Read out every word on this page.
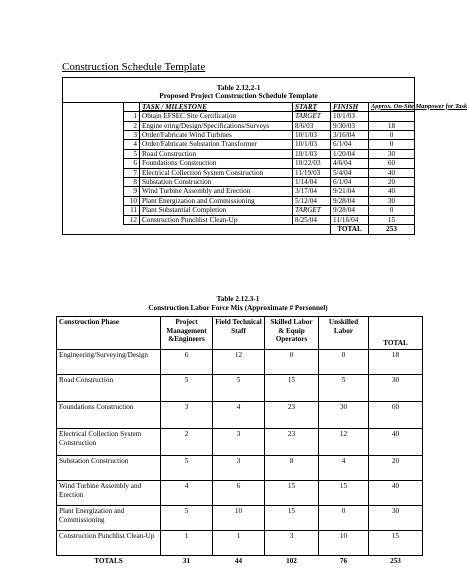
Construction Schedule Template
Table 2.12.2-1
Proposed Project Construction Schedule Template					

		TASK / MILESTONE	START	FINISH	Approx. On-Site Manpower for Task
	1	Obtain EFSEC Site Certification	TARGET	10/1/03	
	2	Engine ering/Design/Specifications/Surveys	8/6/03	9/30/03	18
	3	Order/Fabricate Wind Turbines	10/1/03	3/16/04	0
	4	Order/Fabricate Substation Transformer	10/1/03	6/1/04	0
	5	Road Construction	10/1/03	1/20/04	30
	6	Foundations Construction	10/22/03	4/6/04	60
	7	Electrical Collection System Construction	11/19/03	5/4/04	40
	8	Substation Construction	1/14/04	6/1/04	20
	9	Wind Turbine Assembly and Erection	3/17/04	9/21/04	40
	10	Plant Energization and Commissioning	5/12/04	9/28/04	30
	11	Plant Substantial Completion	TARGET	9/28/04	0
	12	Construction Punchlist Clean-Up	8/25/04	11/16/04	15
				TOTAL	253
Table 2.12.3-1
Construction Labor Force Mix (Approximate # Personnel)
Construction Phase	Project Management &Engineers	Field Technical Staff	Skilled Labor & Equip Operators	Unskilled Labor	TOTAL
Engineering/Surveying/Design	6	12	0	0	18
Road Construction	5	5	15	5	30
Foundations Construction	3	4	23	30	60
Electrical Collection System Construction	2	3	23	12	40
Substation Construction	5	3	8	4	20
Wind Turbine Assembly and Erection	4	6	15	15	40
Plant Energization and Commissioning	5	10	15	0	30
Construction Punchlist Clean-Up	1	1	3	10	15
TOTALS	31	44	102	76	253
